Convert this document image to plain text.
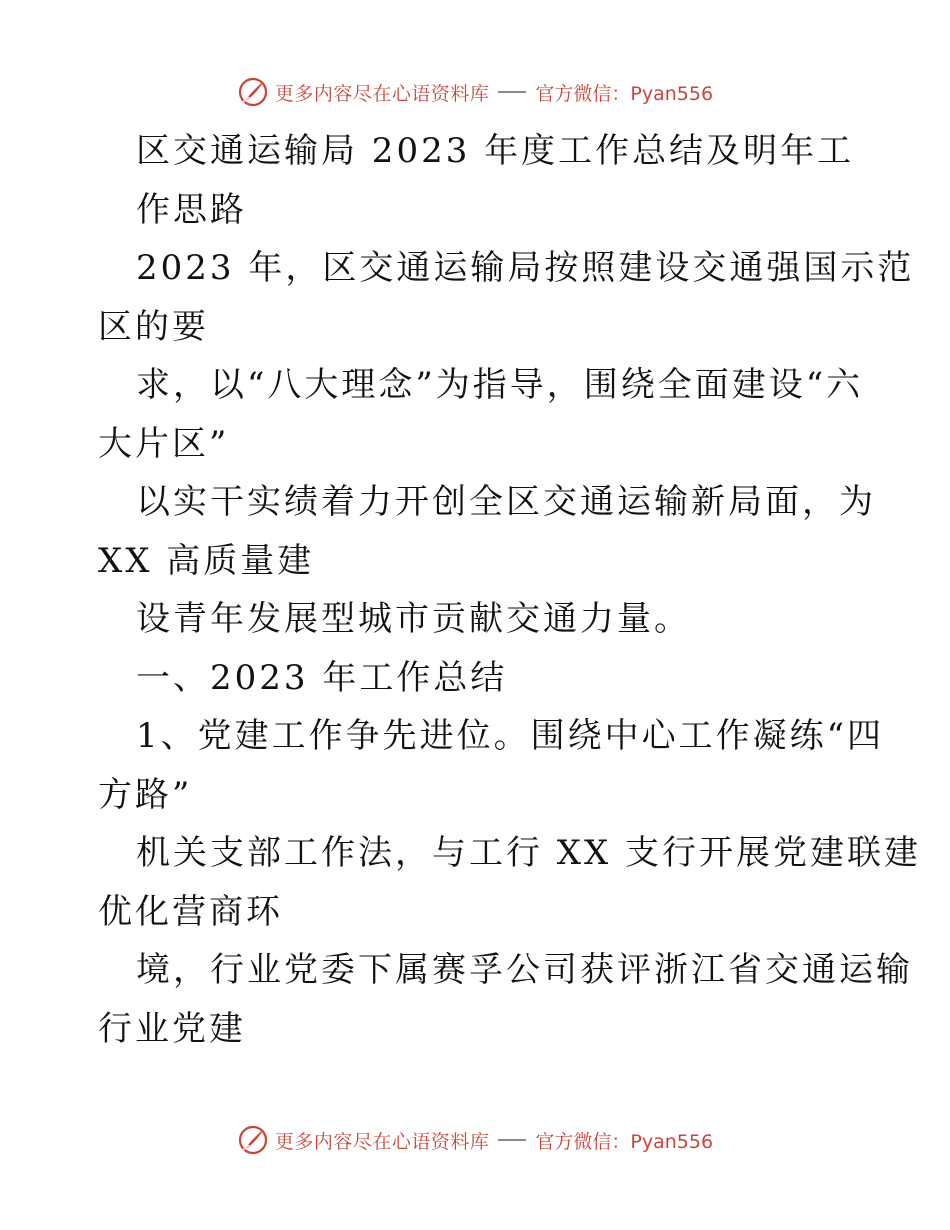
更多内容尽在心语资料库 官方微信：Pyan556
区交通运输局 2023 年度工作总结及明年工
作思路
2023 年，区交通运输局按照建设交通强国示范
区的要
求，以“八大理念”为指导，围绕全面建设“六
大片区”
以实干实绩着力开创全区交通运输新局面，为
XX 高质量建
设青年发展型城市贡献交通力量。
一、2023 年工作总结
1、党建工作争先进位。围绕中心工作凝练“四
方路”
机关支部工作法，与工行 XX 支行开展党建联建
优化营商环
境，行业党委下属赛孚公司获评浙江省交通运输
行业党建
更多内容尽在心语资料库 官方微信：Pyan556
